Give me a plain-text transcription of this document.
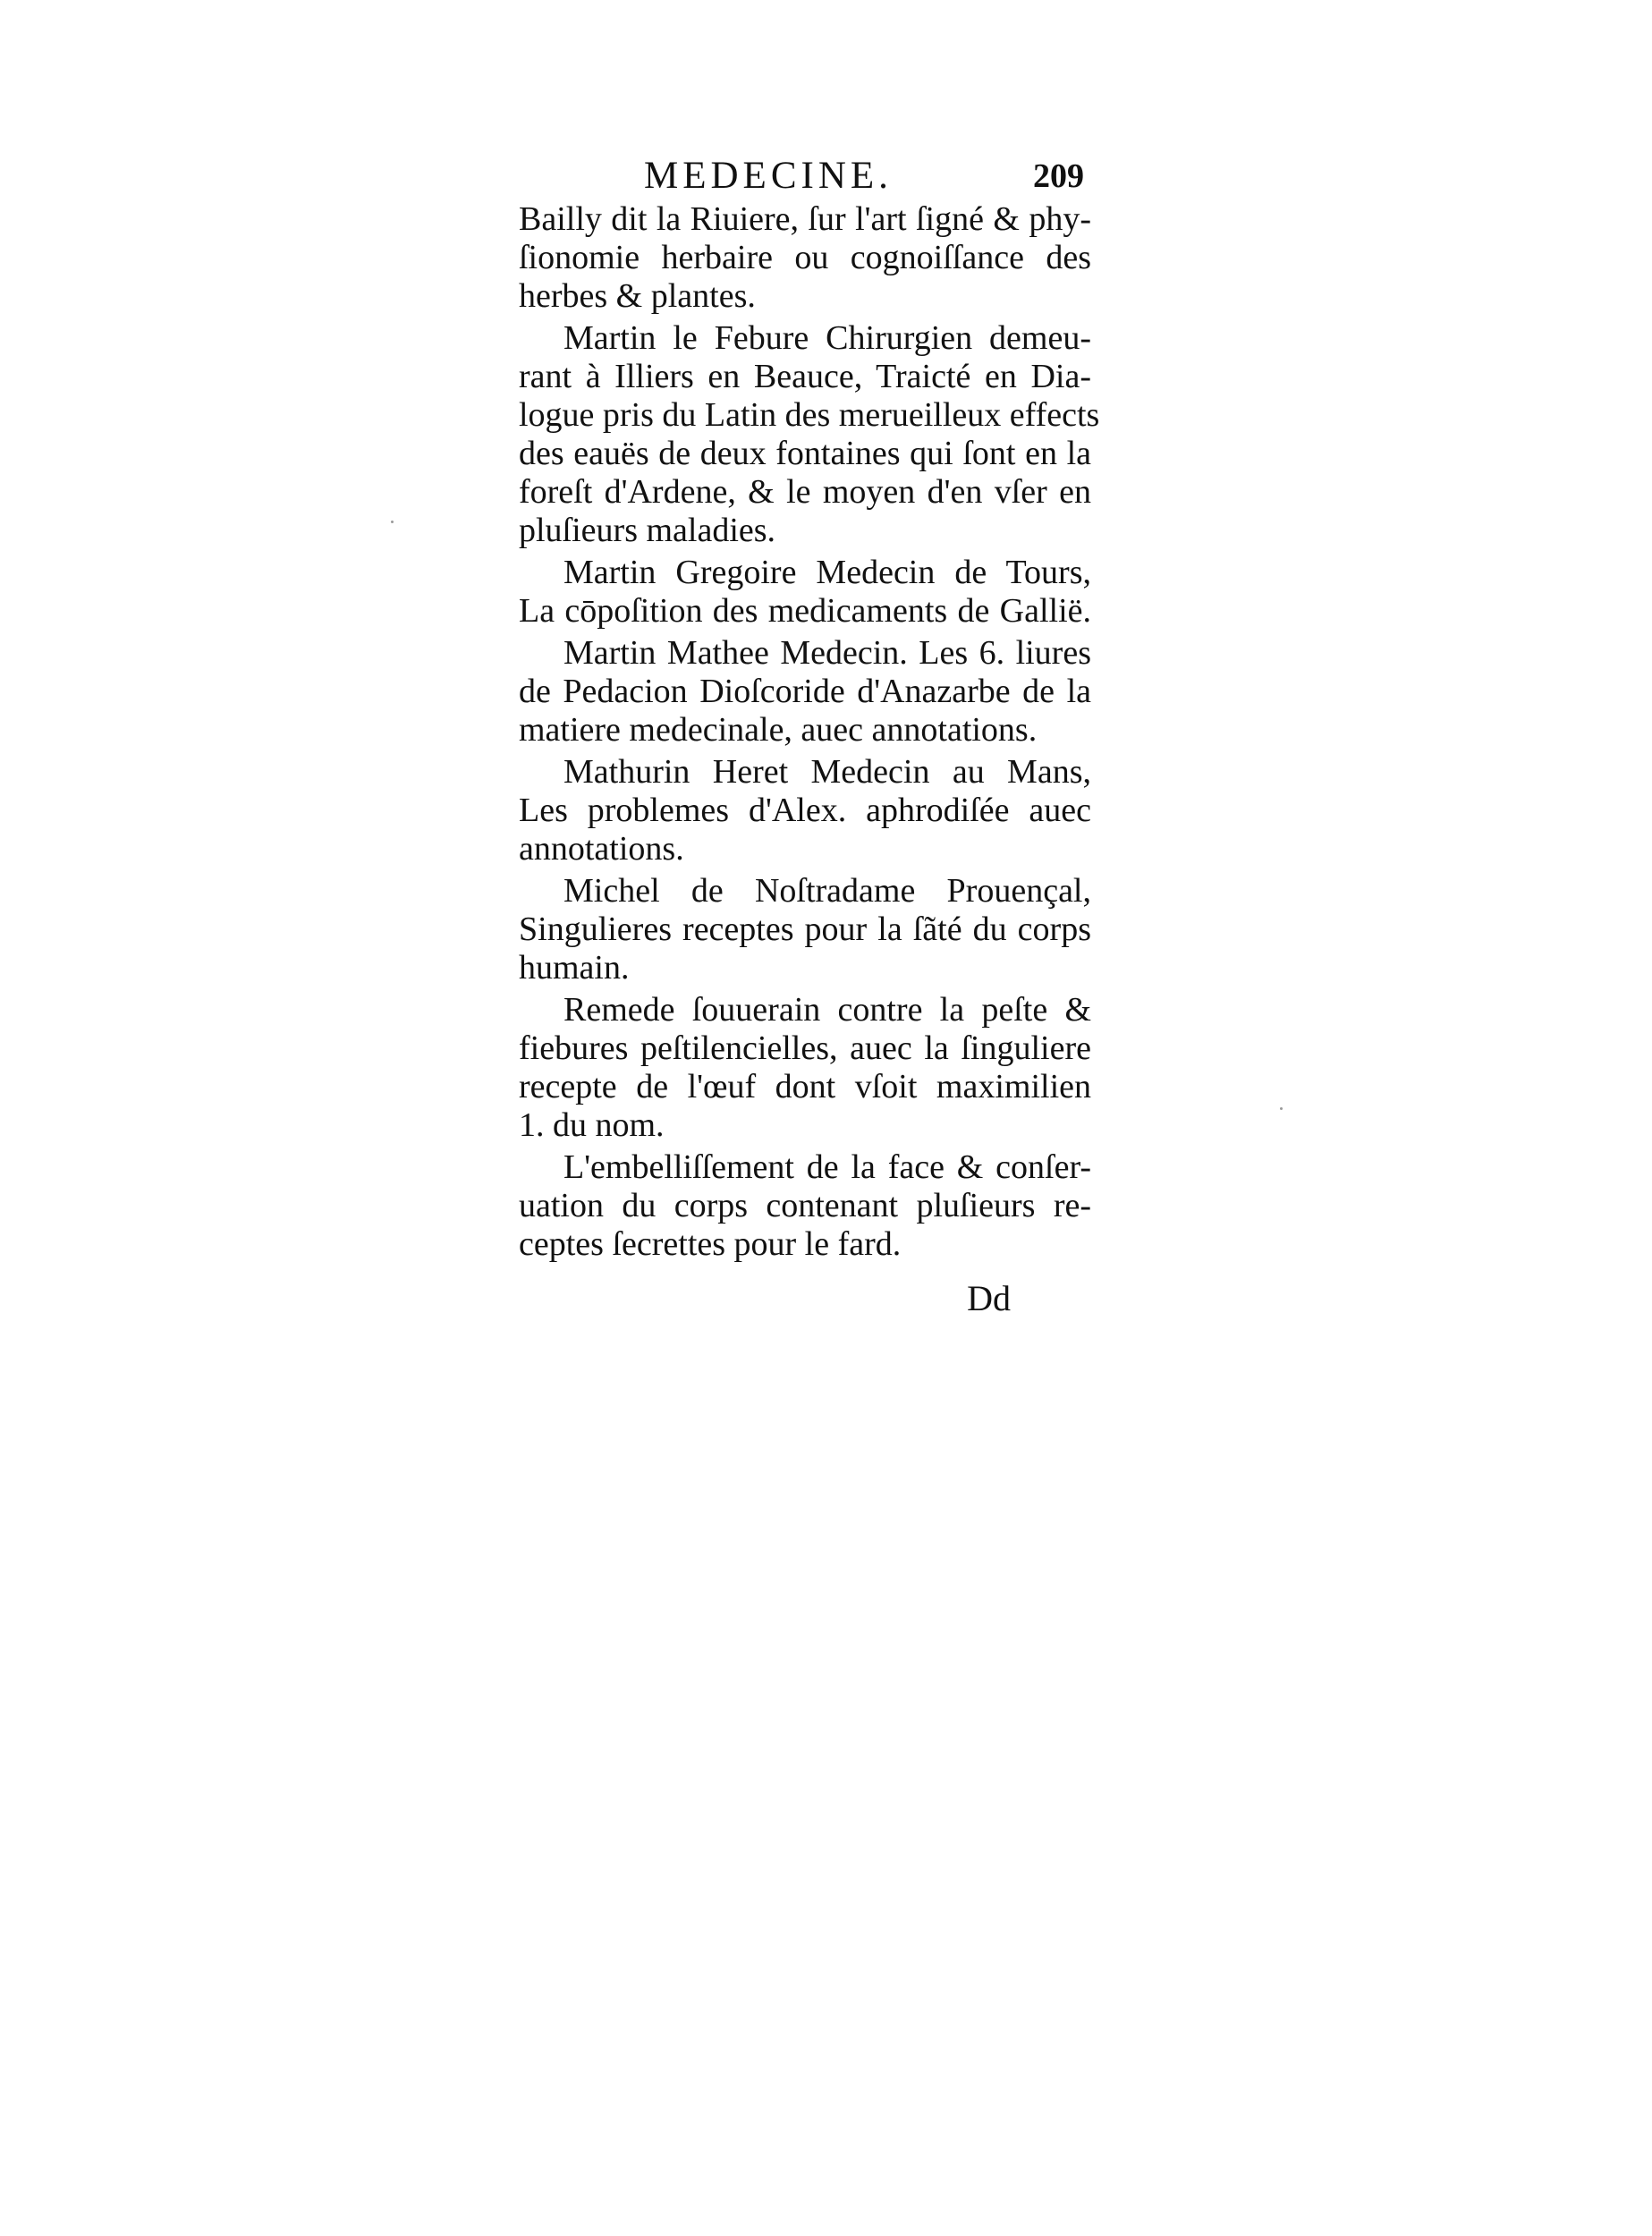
MEDECINE.	209
Bailly dit la Riuiere, ſur l'art ſigné & phy-
ſionomie herbaire ou cognoiſſance des
herbes & plantes.
Martin le Febure Chirurgien demeu-
rant à Illiers en Beauce, Traicté en Dia-
logue pris du Latin des merueilleux effects
des eauës de deux fontaines qui ſont en la
foreſt d'Ardene, & le moyen d'en vſer en
pluſieurs maladies.
Martin Gregoire Medecin de Tours,
La cōpoſition des medicaments de Gallië.
Martin Mathee Medecin. Les 6. liures
de Pedacion Dioſcoride d'Anazarbe de la
matiere medecinale, auec annotations.
Mathurin Heret Medecin au Mans,
Les problemes d'Alex. aphrodiſée auec
annotations.
Michel de Noſtradame Prouençal,
Singulieres receptes pour la ſãté du corps
humain.
Remede ſouuerain contre la peſte &
fiebures peſtilencielles, auec la ſinguliere
recepte de l'œuf dont vſoit maximilien
1. du nom.
L'embelliſſement de la face & conſer-
uation du corps contenant pluſieurs re-
ceptes ſecrettes pour le fard.
Dd
